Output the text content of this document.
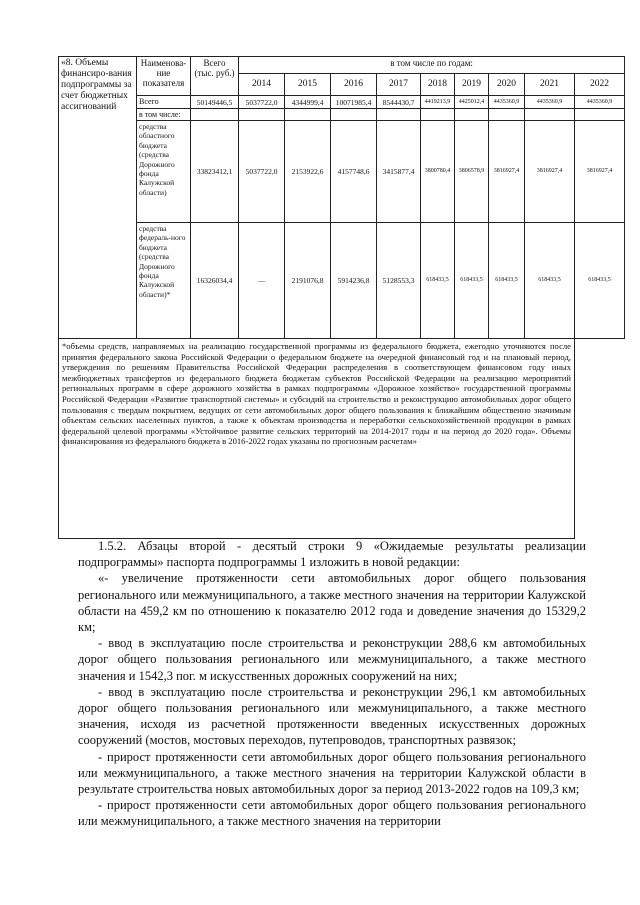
«8. Объемы финансиро-вания подпрограммы за счет бюджетных ассигнований	Наименова-ние показателя	Всего (тыс. руб.)	в том числе по годам:								
			2014	2015	2016	2017	2018	2019	2020	2021	2022
	Всего	50149446,5	5037722,0	4344999,4	10071985,4	8544430,7	4419213,9	4425012,4	4435360,9	4435360,9	4435360,9
	в том числе:										
	средства областного бюджета (средства Дорожного фонда Калужской области)	33823412,1	5037722,0	2153922,6	4157748,6	3415877,4	3800780,4	3806578,9	3816927,4	3816927,4	3816927,4
	средства федераль-ного бюджета (средства Дорожного фонда Калужской области)*	16326034,4	—	2191076,8	5914236,8	5128553,3	618433,5	618433,5	618433,5	618433,5	618433,5
*объемы средств, направляемых на реализацию государственной программы из федерального бюджета, ежегодно уточняются после принятия федерального закона Российской Федерации о федеральном бюджете на очередной финансовый год и на плановый период, утверждения по решениям Правительства Российской Федерации распределения в соответствующем финансовом году иных межбюджетных трансфертов из федерального бюджета бюджетам субъектов Российской Федерации на реализацию мероприятий региональных программ в сфере дорожного хозяйства в рамках подпрограммы «Дорожное хозяйство» государственной программы Российской Федерации «Развитие транспортной системы» и субсидий на строительство и реконструкцию автомобильных дорог общего пользования с твердым покрытием, ведущих от сети автомобильных дорог общего пользования к ближайшим общественно значимым объектам сельских населенных пунктов, а также к объектам производства и переработки сельскохозяйственной продукции в рамках федеральной целевой программы «Устойчивое развитие сельских территорий на 2014-2017 годы и на период до 2020 года». Объемы финансирования из федерального бюджета в 2016-2022 годах указаны по прогнозным расчетам»											

1.5.2. Абзацы второй - десятый строки 9 «Ожидаемые результаты реализации подпрограммы» паспорта подпрограммы 1 изложить в новой редакции:

«- увеличение протяженности сети автомобильных дорог общего пользования регионального или межмуниципального, а также местного значения на территории Калужской области на 459,2 км по отношению к показателю 2012 года и доведение значения до 15329,2 км;

- ввод в эксплуатацию после строительства и реконструкции 288,6 км автомобильных дорог общего пользования регионального или межмуниципального, а также местного значения и 1542,3 пог. м искусственных дорожных сооружений на них;

- ввод в эксплуатацию после строительства и реконструкции 296,1 км автомобильных дорог общего пользования регионального или межмуниципального, а также местного значения, исходя из расчетной протяженности введенных искусственных дорожных сооружений (мостов, мостовых переходов, путепроводов, транспортных развязок;

- прирост протяженности сети автомобильных дорог общего пользования регионального или межмуниципального, а также местного значения на территории Калужской области в результате строительства новых автомобильных дорог за период 2013-2022 годов на 109,3 км;

- прирост протяженности сети автомобильных дорог общего пользования регионального или межмуниципального, а также местного значения на территории
